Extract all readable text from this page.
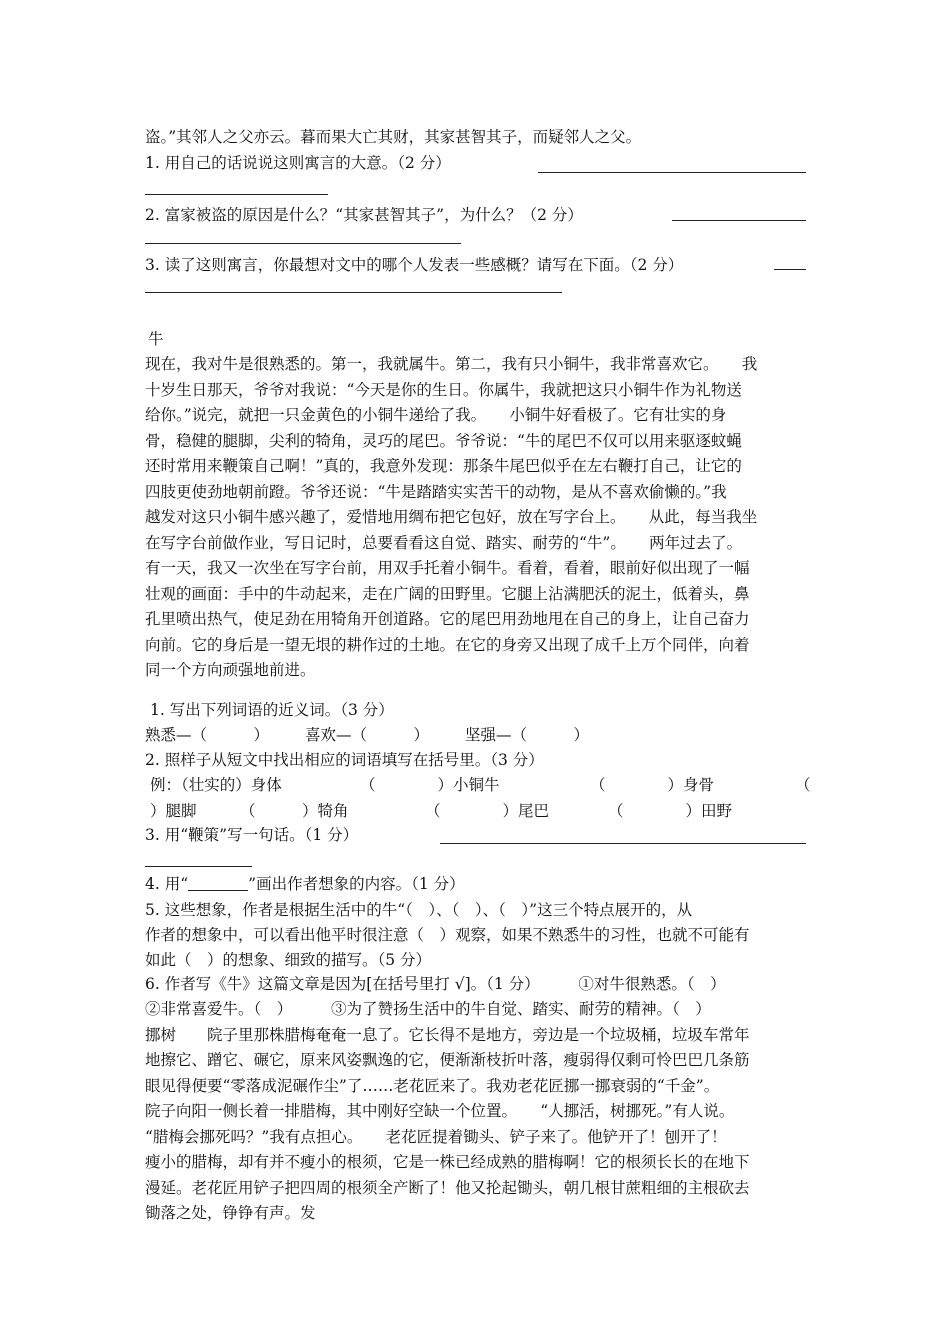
盗。”其邻人之父亦云。暮而果大亡其财，其家甚智其子，而疑邻人之父。
1. 用自己的话说说这则寓言的大意。（2 分）
2. 富家被盗的原因是什么？“其家甚智其子”，为什么？（2 分）
3. 读了这则寓言，你最想对文中的哪个人发表一些感概？请写在下面。（2 分）
牛
现在，我对牛是很熟悉的。第一，我就属牛。第二，我有只小铜牛，我非常喜欢它。　　我
十岁生日那天，爷爷对我说：“今天是你的生日。你属牛，我就把这只小铜牛作为礼物送
给你。”说完，就把一只金黄色的小铜牛递给了我。　　小铜牛好看极了。它有壮实的身
骨，稳健的腿脚，尖利的犄角，灵巧的尾巴。爷爷说：“牛的尾巴不仅可以用来驱逐蚊蝇
还时常用来鞭策自己啊！”真的，我意外发现：那条牛尾巴似乎在左右鞭打自己，让它的
四肢更使劲地朝前蹬。爷爷还说：“牛是踏踏实实苦干的动物，是从不喜欢偷懒的。”我
越发对这只小铜牛感兴趣了，爱惜地用绸布把它包好，放在写字台上。　　从此，每当我坐
在写字台前做作业，写日记时，总要看看这自觉、踏实、耐劳的“牛”。　　两年过去了。
有一天，我又一次坐在写字台前，用双手托着小铜牛。看着，看着，眼前好似出现了一幅
壮观的画面：手中的牛动起来，走在广阔的田野里。它腿上沾满肥沃的泥土，低着头，鼻
孔里喷出热气，使足劲在用犄角开创道路。它的尾巴用劲地甩在自己的身上，让自己奋力
向前。它的身后是一望无垠的耕作过的土地。在它的身旁又出现了成千上万个同伴，向着
同一个方向顽强地前进。
1. 写出下列词语的近义词。（3 分）
熟悉—（　　　） 喜欢—（　　　） 坚强—（　　　）
2. 照样子从短文中找出相应的词语填写在括号里。（3 分）
例：（壮实的）身体	（　　　　）小铜牛	（　　　　）身骨	（
）腿脚	（　　　）犄角	（　　　　）尾巴	（　　　　）田野
3. 用“鞭策”写一句话。（1 分）
4. 用“	”画出作者想象的内容。（1 分）
5. 这些想象，作者是根据生活中的牛“（　）、（　）、（　）”这三个特点展开的，从
作者的想象中，可以看出他平时很注意（　）观察，如果不熟悉牛的习性，也就不可能有
如此（　）的想象、细致的描写。（5 分）
6. 作者写《牛》这篇文章是因为[在括号里打 √]。（1 分）　　　①对牛很熟悉。（　）
②非常喜爱牛。（　）　　　③为了赞扬生活中的牛自觉、踏实、耐劳的精神。（　）
挪树　　院子里那株腊梅奄奄一息了。它长得不是地方，旁边是一个垃圾桶，垃圾车常年
地擦它、蹭它、碾它，原来风姿飘逸的它，便渐渐枝折叶落，瘦弱得仅剩可怜巴巴几条筋
眼见得便要“零落成泥碾作尘”了……老花匠来了。我劝老花匠挪一挪衰弱的“千金”。
院子向阳一侧长着一排腊梅，其中刚好空缺一个位置。　　“人挪活，树挪死。”有人说。
“腊梅会挪死吗？”我有点担心。　　老花匠提着锄头、铲子来了。他铲开了！刨开了！
瘦小的腊梅，却有并不瘦小的根须，它是一株已经成熟的腊梅啊！它的根须长长的在地下
漫延。老花匠用铲子把四周的根须全产断了！他又抡起锄头，朝几根甘蔗粗细的主根砍去
锄落之处，铮铮有声。发
